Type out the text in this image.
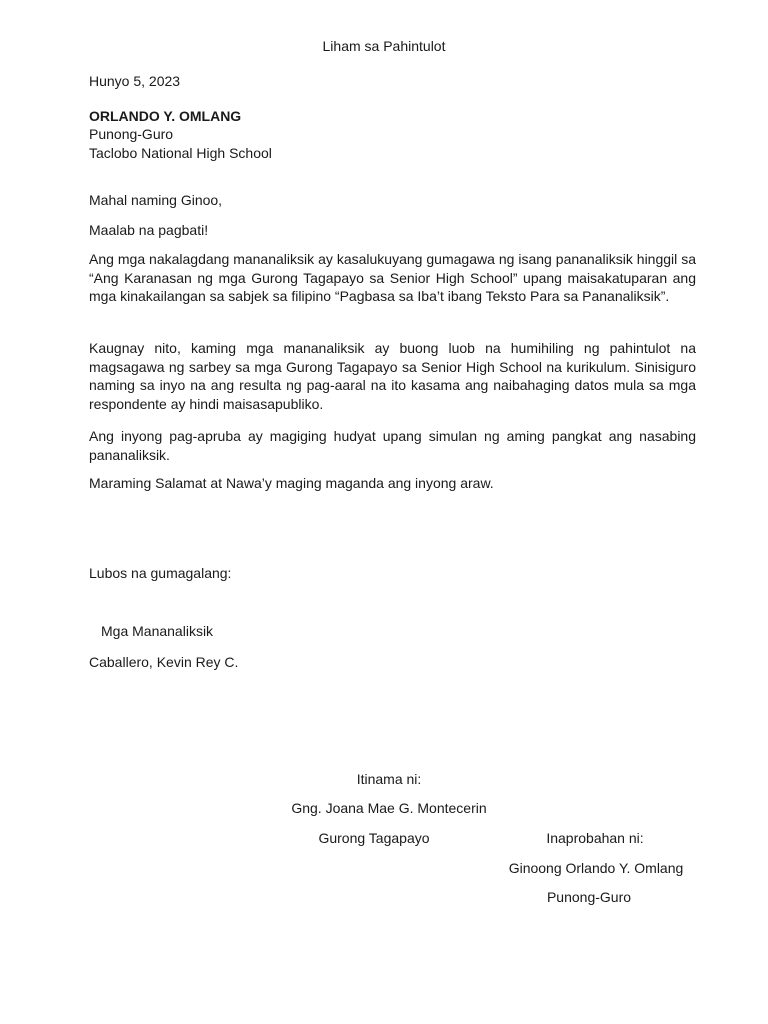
Liham sa Pahintulot
Hunyo 5, 2023
ORLANDO Y. OMLANG
Punong-Guro
Taclobo National High School
Mahal naming Ginoo,
Maalab na pagbati!

Ang mga nakalagdang mananaliksik ay kasalukuyang gumagawa ng isang pananaliksik hinggil sa “Ang Karanasan ng mga Gurong Tagapayo sa Senior High School” upang maisakatuparan ang mga kinakailangan sa sabjek sa filipino “Pagbasa sa Iba’t ibang Teksto Para sa Pananaliksik”.

Kaugnay nito, kaming mga mananaliksik ay buong luob na humihiling ng pahintulot na magsagawa ng sarbey sa mga Gurong Tagapayo sa Senior High School na kurikulum. Sinisiguro naming sa inyo na ang resulta ng pag-aaral na ito kasama ang naibahaging datos mula sa mga respondente ay hindi maisasapubliko.

Ang inyong pag-apruba ay magiging hudyat upang simulan ng aming pangkat ang nasabing pananaliksik.

Maraming Salamat at Nawa’y maging maganda ang inyong araw.

Lubos na gumagalang:
Mga Mananaliksik
Caballero, Kevin Rey C.
Itinama ni:
Gng. Joana Mae G. Montecerin
Gurong Tagapayo	Inaprobahan ni:
Ginoong Orlando Y. Omlang
Punong-Guro
